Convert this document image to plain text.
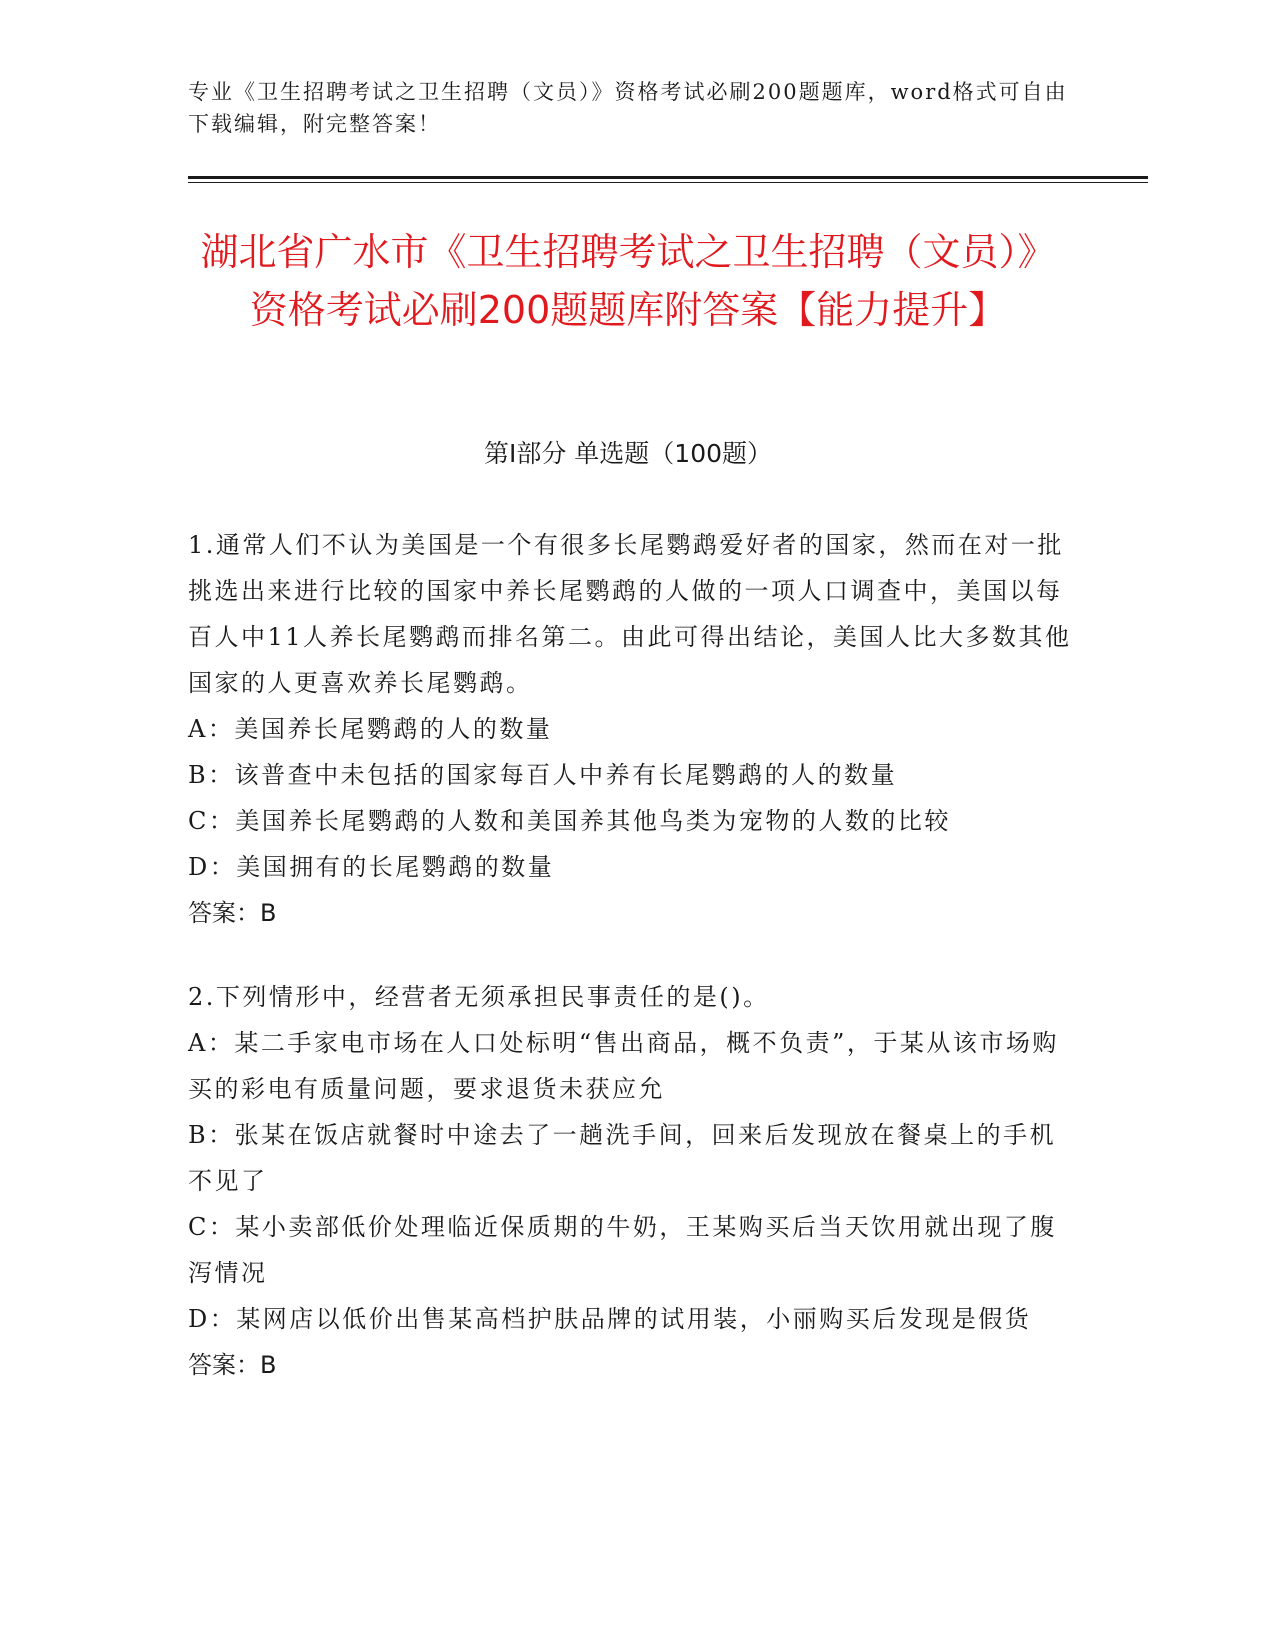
专业《卫生招聘考试之卫生招聘（文员）》资格考试必刷200题题库，word格式可自由下载编辑，附完整答案！
湖北省广水市《卫生招聘考试之卫生招聘（文员）》资格考试必刷200题题库附答案【能力提升】
第Ⅰ部分 单选题（100题）

1.通常人们不认为美国是一个有很多长尾鹦鹉爱好者的国家，然而在对一批挑选出来进行比较的国家中养长尾鹦鹉的人做的一项人口调查中，美国以每百人中11人养长尾鹦鹉而排名第二。由此可得出结论，美国人比大多数其他国家的人更喜欢养长尾鹦鹉。

A：美国养长尾鹦鹉的人的数量

B：该普查中未包括的国家每百人中养有长尾鹦鹉的人的数量

C：美国养长尾鹦鹉的人数和美国养其他鸟类为宠物的人数的比较

D：美国拥有的长尾鹦鹉的数量

答案：B

2.下列情形中，经营者无须承担民事责任的是()。

A：某二手家电市场在人口处标明“售出商品，概不负责”，于某从该市场购买的彩电有质量问题，要求退货未获应允

B：张某在饭店就餐时中途去了一趟洗手间，回来后发现放在餐桌上的手机不见了

C：某小卖部低价处理临近保质期的牛奶，王某购买后当天饮用就出现了腹泻情况

D：某网店以低价出售某高档护肤品牌的试用装，小丽购买后发现是假货

答案：B
